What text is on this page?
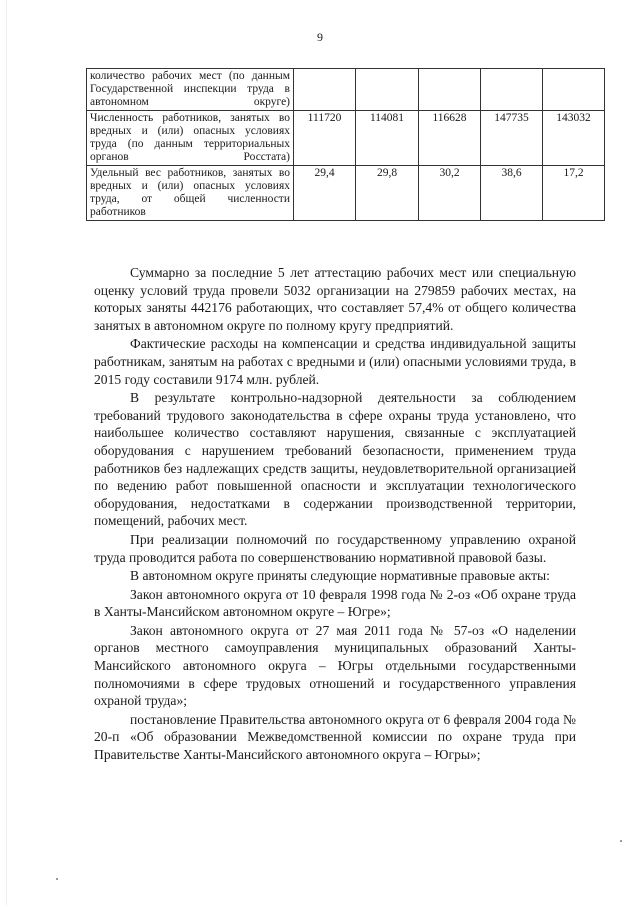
9
количество рабочих мест (по данным Государственной инспекции труда в автономном округе)					
Численность работников, занятых во вредных и (или) опасных условиях труда (по данным территориальных органов Росстата)	111720	114081	116628	147735	143032
Удельный вес работников, занятых во вредных и (или) опасных условиях труда, от общей численности работников	29,4	29,8	30,2	38,6	17,2

Суммарно за последние 5 лет аттестацию рабочих мест или специальную оценку условий труда провели 5032 организации на 279859 рабочих местах, на которых заняты 442176 работающих, что составляет 57,4% от общего количества занятых в автономном округе по полному кругу предприятий.

Фактические расходы на компенсации и средства индивидуальной защиты работникам, занятым на работах с вредными и (или) опасными условиями труда, в 2015 году составили 9174 млн. рублей.

В результате контрольно-надзорной деятельности за соблюдением требований трудового законодательства в сфере охраны труда установлено, что наибольшее количество составляют нарушения, связанные с эксплуатацией оборудования с нарушением требований безопасности, применением труда работников без надлежащих средств защиты, неудовлетворительной организацией по ведению работ повышенной опасности и эксплуатации технологического оборудования, недостатками в содержании производственной территории, помещений, рабочих мест.

При реализации полномочий по государственному управлению охраной труда проводится работа по совершенствованию нормативной правовой базы.

В автономном округе приняты следующие нормативные правовые акты:

Закон автономного округа от 10 февраля 1998 года № 2-оз «Об охране труда в Ханты-Мансийском автономном округе – Югре»;

Закон автономного округа от 27 мая 2011 года № 57-оз «О наделении органов местного самоуправления муниципальных образований Ханты-Мансийского автономного округа – Югры отдельными государственными полномочиями в сфере трудовых отношений и государственного управления охраной труда»;

постановление Правительства автономного округа от 6 февраля 2004 года № 20-п «Об образовании Межведомственной комиссии по охране труда при Правительстве Ханты-Мансийского автономного округа – Югры»;
